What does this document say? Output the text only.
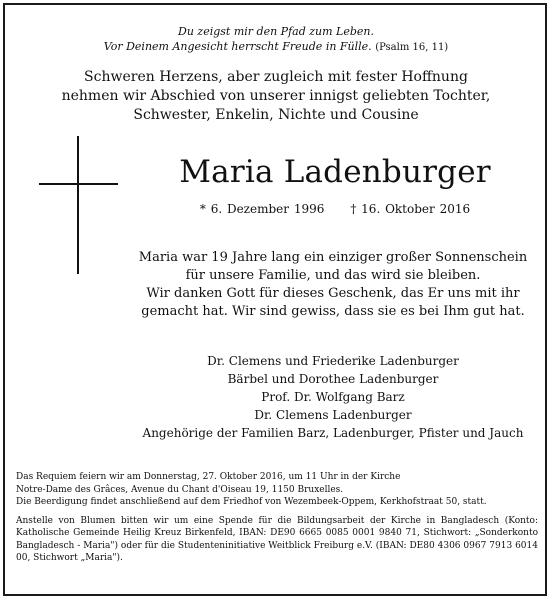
Du zeigst mir den Pfad zum Leben.
Vor Deinem Angesicht herrscht Freude in Fülle. (Psalm 16, 11)
Schweren Herzens, aber zugleich mit fester Hoffnung
nehmen wir Abschied von unserer innigst geliebten Tochter,
Schwester, Enkelin, Nichte und Cousine
Maria Ladenburger
* 6. Dezember 1996 † 16. Oktober 2016
Maria war 19 Jahre lang ein einziger großer Sonnenschein
für unsere Familie, und das wird sie bleiben.
Wir danken Gott für dieses Geschenk, das Er uns mit ihr
gemacht hat. Wir sind gewiss, dass sie es bei Ihm gut hat.
Dr. Clemens und Friederike Ladenburger
Bärbel und Dorothee Ladenburger
Prof. Dr. Wolfgang Barz
Dr. Clemens Ladenburger
Angehörige der Familien Barz, Ladenburger, Pfister und Jauch
Das Requiem feiern wir am Donnerstag, 27. Oktober 2016, um 11 Uhr in der Kirche
Notre-Dame des Grâces, Avenue du Chant d'Oiseau 19, 1150 Bruxelles.
Die Beerdigung findet anschließend auf dem Friedhof von Wezembeek-Oppem, Kerkhofstraat 50, statt.
Anstelle von Blumen bitten wir um eine Spende für die Bildungsarbeit der Kirche in Bangladesch (Konto: Katholische Gemeinde Heilig Kreuz Birkenfeld, IBAN: DE90 6665 0085 0001 9840 71, Stichwort: „Sonderkonto Bangladesch - Maria") oder für die Studenteninitiative Weitblick Freiburg e.V. (IBAN: DE80 4306 0967 7913 6014 00, Stichwort „Maria").
